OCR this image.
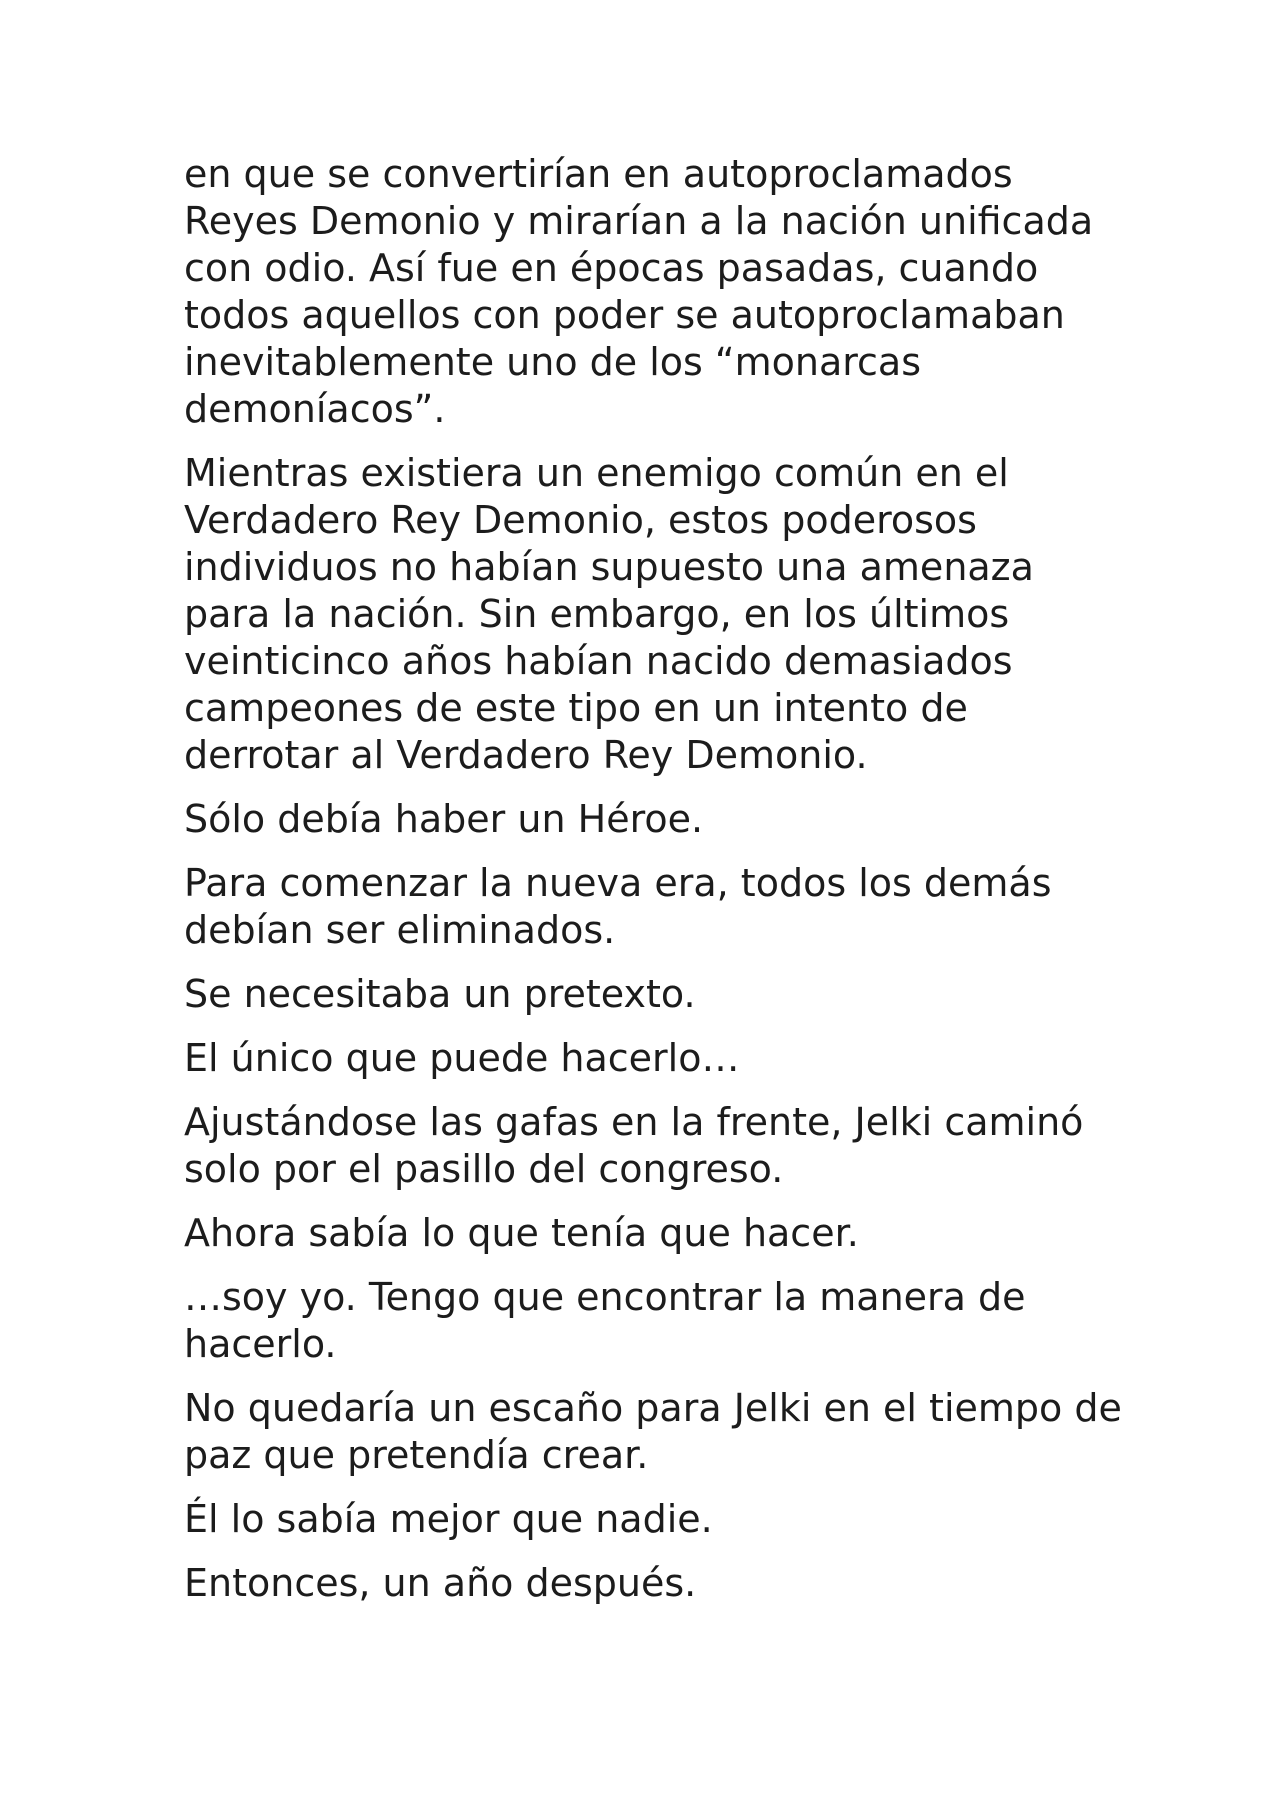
en que se convertirían en autoproclamados Reyes Demonio y mirarían a la nación unificada con odio. Así fue en épocas pasadas, cuando todos aquellos con poder se autoproclamaban inevitablemente uno de los “monarcas demoníacos”.

Mientras existiera un enemigo común en el Verdadero Rey Demonio, estos poderosos individuos no habían supuesto una amenaza para la nación. Sin embargo, en los últimos veinticinco años habían nacido demasiados campeones de este tipo en un intento de derrotar al Verdadero Rey Demonio.

Sólo debía haber un Héroe.

Para comenzar la nueva era, todos los demás debían ser eliminados.

Se necesitaba un pretexto.

El único que puede hacerlo…

Ajustándose las gafas en la frente, Jelki caminó solo por el pasillo del congreso.

Ahora sabía lo que tenía que hacer.

…soy yo. Tengo que encontrar la manera de hacerlo.

No quedaría un escaño para Jelki en el tiempo de paz que pretendía crear.

Él lo sabía mejor que nadie.

Entonces, un año después.
